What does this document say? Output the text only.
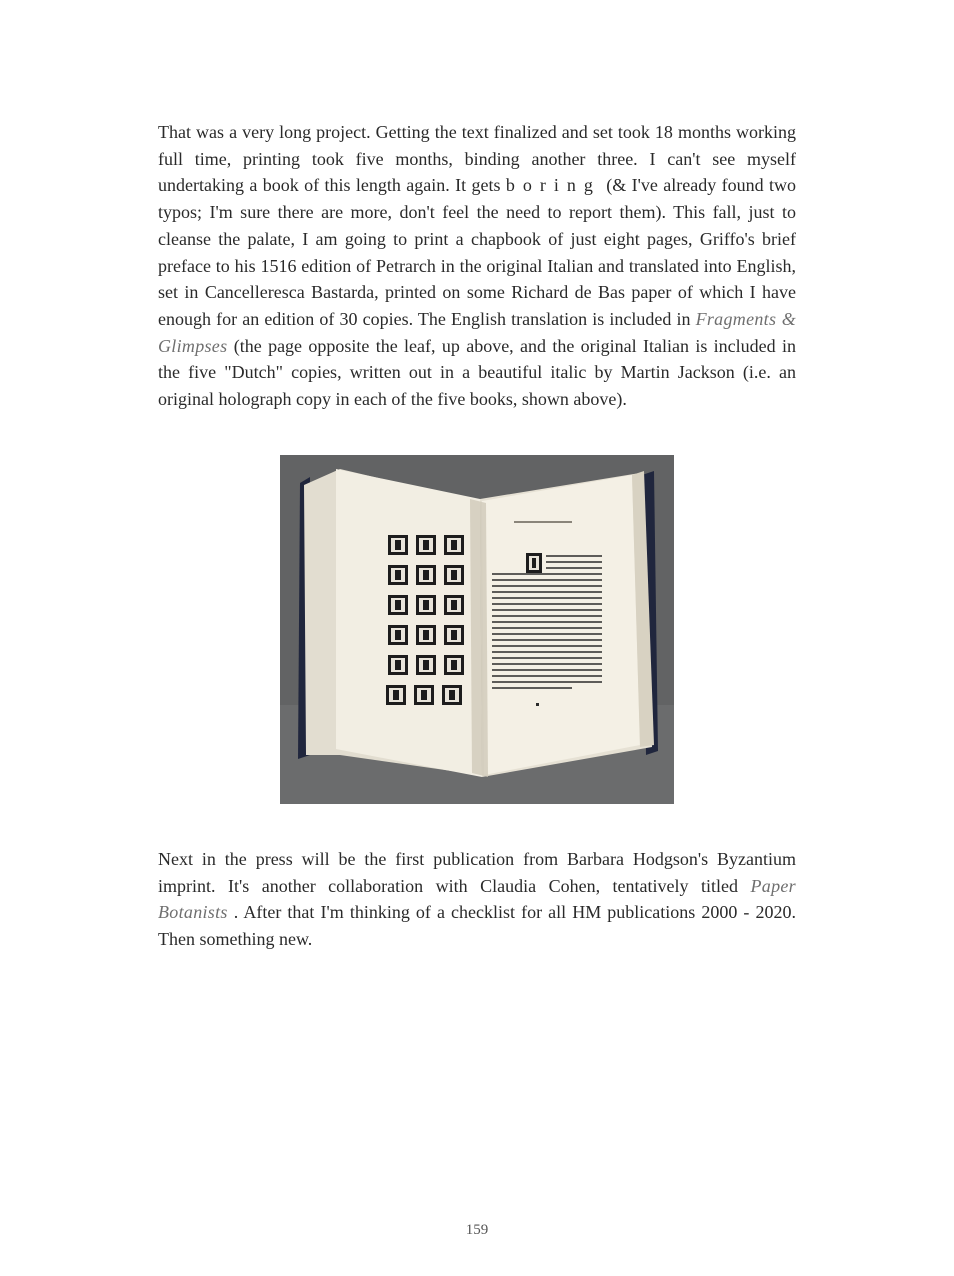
That was a very long project. Getting the text finalized and set took 18 months working full time, printing took five months, binding another three. I can't see myself undertaking a book of this length again. It gets boring (& I've already found two typos; I'm sure there are more, don't feel the need to report them). This fall, just to cleanse the palate, I am going to print a chapbook of just eight pages, Griffo's brief preface to his 1516 edition of Petrarch in the original Italian and translated into English, set in Cancelleresca Bastarda, printed on some Richard de Bas paper of which I have enough for an edition of 30 copies. The English translation is included in Fragments & Glimpses (the page opposite the leaf, up above, and the original Italian is included in the five "Dutch" copies, written out in a beautiful italic by Martin Jackson (i.e. an original holograph copy in each of the five books, shown above).

Next in the press will be the first publication from Barbara Hodgson's Byzantium imprint. It's another collaboration with Claudia Cohen, tentatively titled Paper Botanists . After that I'm thinking of a checklist for all HM publications 2000 - 2020. Then something new.

159
